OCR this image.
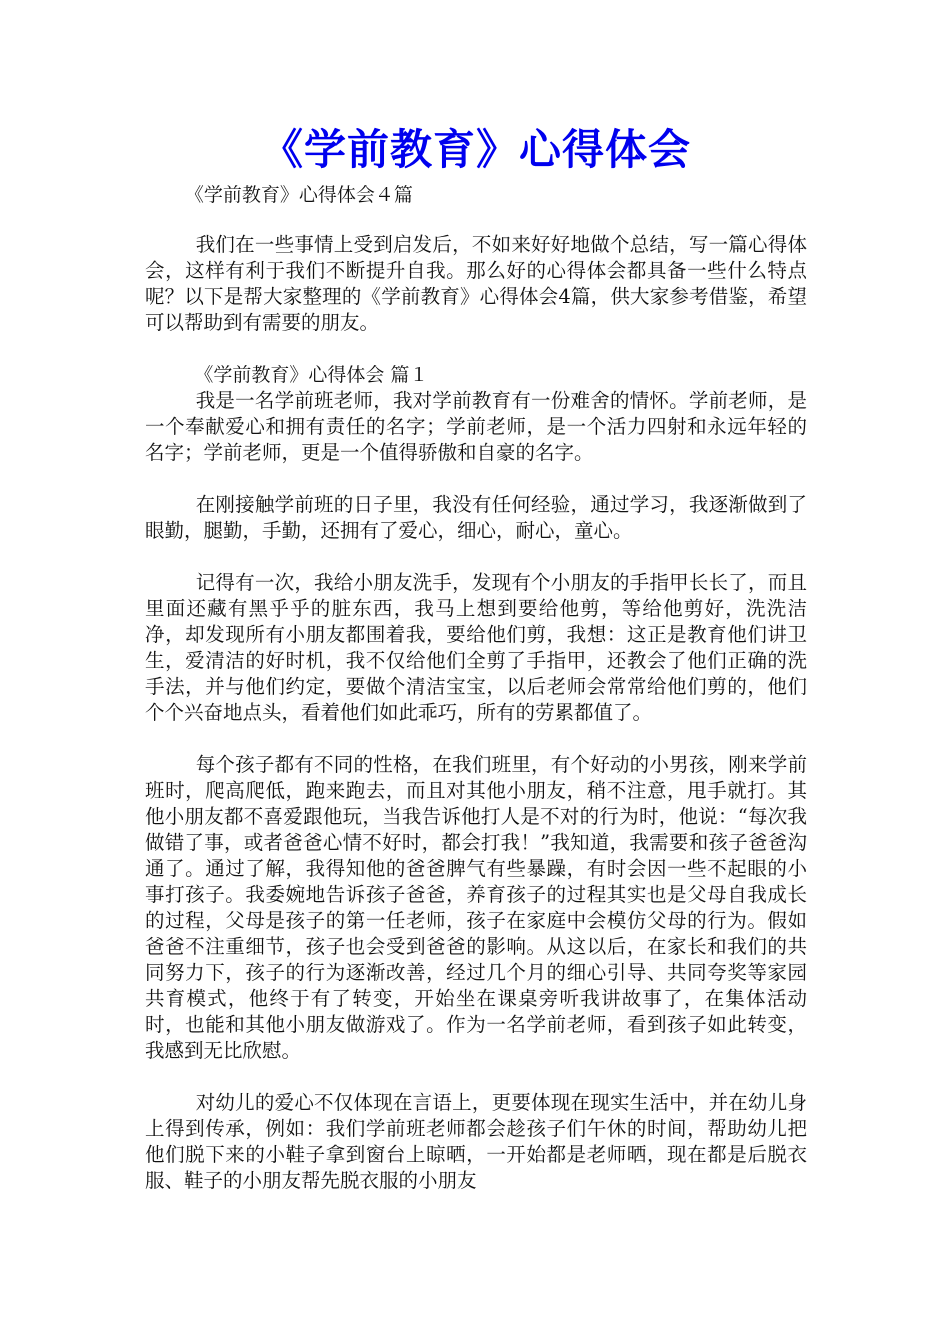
《学前教育》心得体会

《学前教育》心得体会４篇

我们在一些事情上受到启发后，不如来好好地做个总结，写一篇心得体会，这样有利于我们不断提升自我。那么好的心得体会都具备一些什么特点呢？以下是帮大家整理的《学前教育》心得体会4篇，供大家参考借鉴，希望可以帮助到有需要的朋友。

《学前教育》心得体会 篇１

我是一名学前班老师，我对学前教育有一份难舍的情怀。学前老师，是一个奉献爱心和拥有责任的名字；学前老师，是一个活力四射和永远年轻的名字；学前老师，更是一个值得骄傲和自豪的名字。

在刚接触学前班的日子里，我没有任何经验，通过学习，我逐渐做到了眼勤，腿勤，手勤，还拥有了爱心，细心，耐心，童心。

记得有一次，我给小朋友洗手，发现有个小朋友的手指甲长长了，而且里面还藏有黑乎乎的脏东西，我马上想到要给他剪，等给他剪好，洗洗洁净，却发现所有小朋友都围着我，要给他们剪，我想：这正是教育他们讲卫生，爱清洁的好时机，我不仅给他们全剪了手指甲，还教会了他们正确的洗手法，并与他们约定，要做个清洁宝宝，以后老师会常常给他们剪的，他们个个兴奋地点头，看着他们如此乖巧，所有的劳累都值了。

每个孩子都有不同的性格，在我们班里，有个好动的小男孩，刚来学前班时，爬高爬低，跑来跑去，而且对其他小朋友，稍不注意，甩手就打。其他小朋友都不喜爱跟他玩，当我告诉他打人是不对的行为时，他说：“每次我做错了事，或者爸爸心情不好时，都会打我！”我知道，我需要和孩子爸爸沟通了。通过了解，我得知他的爸爸脾气有些暴躁，有时会因一些不起眼的小事打孩子。我委婉地告诉孩子爸爸，养育孩子的过程其实也是父母自我成长的过程，父母是孩子的第一任老师，孩子在家庭中会模仿父母的行为。假如爸爸不注重细节，孩子也会受到爸爸的影响。从这以后，在家长和我们的共同努力下，孩子的行为逐渐改善，经过几个月的细心引导、共同夸奖等家园共育模式，他终于有了转变，开始坐在课桌旁听我讲故事了，在集体活动时，也能和其他小朋友做游戏了。作为一名学前老师，看到孩子如此转变，我感到无比欣慰。

对幼儿的爱心不仅体现在言语上，更要体现在现实生活中，并在幼儿身上得到传承，例如：我们学前班老师都会趁孩子们午休的时间，帮助幼儿把他们脱下来的小鞋子拿到窗台上晾晒，一开始都是老师晒，现在都是后脱衣服、鞋子的小朋友帮先脱衣服的小朋友
